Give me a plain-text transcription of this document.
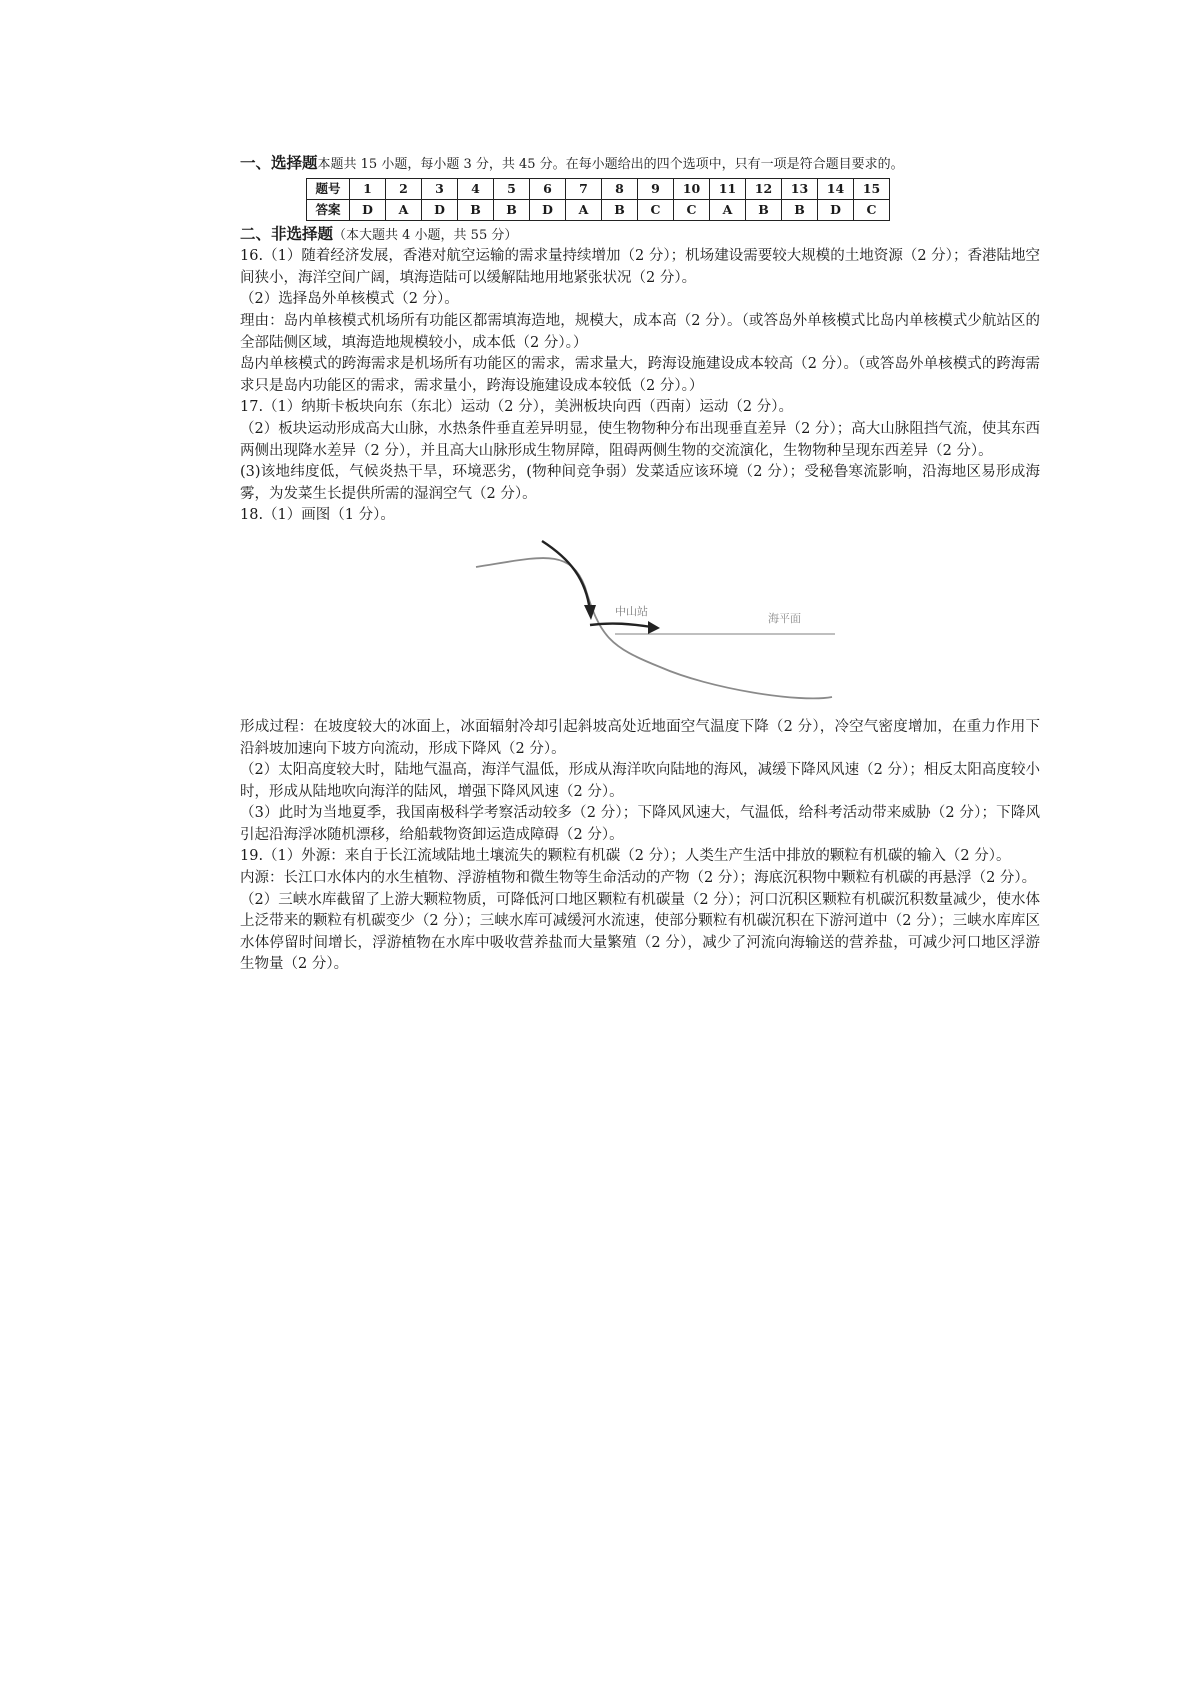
一、选择题本题共 15 小题，每小题 3 分，共 45 分。在每小题给出的四个选项中，只有一项是符合题目要求的。
题号	1	2	3	4	5	6	7	8	9	10	11	12	13	14	15
答案	D	A	D	B	B	D	A	B	C	C	A	B	B	D	C
二、非选择题（本大题共 4 小题，共 55 分）

16.（1）随着经济发展，香港对航空运输的需求量持续增加（2 分）；机场建设需要较大规模的土地资源（2 分）；香港陆地空间狭小，海洋空间广阔，填海造陆可以缓解陆地用地紧张状况（2 分）。

（2）选择岛外单核模式（2 分）。

理由：岛内单核模式机场所有功能区都需填海造地，规模大，成本高（2 分）。（或答岛外单核模式比岛内单核模式少航站区的全部陆侧区域，填海造地规模较小，成本低（2 分）。）

岛内单核模式的跨海需求是机场所有功能区的需求，需求量大，跨海设施建设成本较高（2 分）。（或答岛外单核模式的跨海需求只是岛内功能区的需求，需求量小，跨海设施建设成本较低（2 分）。）

17.（1）纳斯卡板块向东（东北）运动（2 分），美洲板块向西（西南）运动（2 分）。

（2）板块运动形成高大山脉，水热条件垂直差异明显，使生物物种分布出现垂直差异（2 分）；高大山脉阻挡气流，使其东西两侧出现降水差异（2 分），并且高大山脉形成生物屏障，阻碍两侧生物的交流演化，生物物种呈现东西差异（2 分）。

(3)该地纬度低，气候炎热干旱，环境恶劣，(物种间竞争弱）发菜适应该环境（2 分）；受秘鲁寒流影响，沿海地区易形成海雾，为发菜生长提供所需的湿润空气（2 分）。

18.（1）画图（1 分）。

中山站
海平面

形成过程：在坡度较大的冰面上，冰面辐射冷却引起斜坡高处近地面空气温度下降（2 分），冷空气密度增加，在重力作用下沿斜坡加速向下坡方向流动，形成下降风（2 分）。

（2）太阳高度较大时，陆地气温高，海洋气温低，形成从海洋吹向陆地的海风，减缓下降风风速（2 分）；相反太阳高度较小时，形成从陆地吹向海洋的陆风，增强下降风风速（2 分）。

（3）此时为当地夏季，我国南极科学考察活动较多（2 分）；下降风风速大，气温低，给科考活动带来威胁（2 分）；下降风引起沿海浮冰随机漂移，给船载物资卸运造成障碍（2 分）。

19.（1）外源：来自于长江流域陆地土壤流失的颗粒有机碳（2 分）；人类生产生活中排放的颗粒有机碳的输入（2 分）。

内源：长江口水体内的水生植物、浮游植物和微生物等生命活动的产物（2 分）；海底沉积物中颗粒有机碳的再悬浮（2 分）。

（2）三峡水库截留了上游大颗粒物质，可降低河口地区颗粒有机碳量（2 分）；河口沉积区颗粒有机碳沉积数量减少，使水体上泛带来的颗粒有机碳变少（2 分）；三峡水库可减缓河水流速，使部分颗粒有机碳沉积在下游河道中（2 分）；三峡水库库区水体停留时间增长，浮游植物在水库中吸收营养盐而大量繁殖（2 分），减少了河流向海输送的营养盐，可减少河口地区浮游生物量（2 分）。
